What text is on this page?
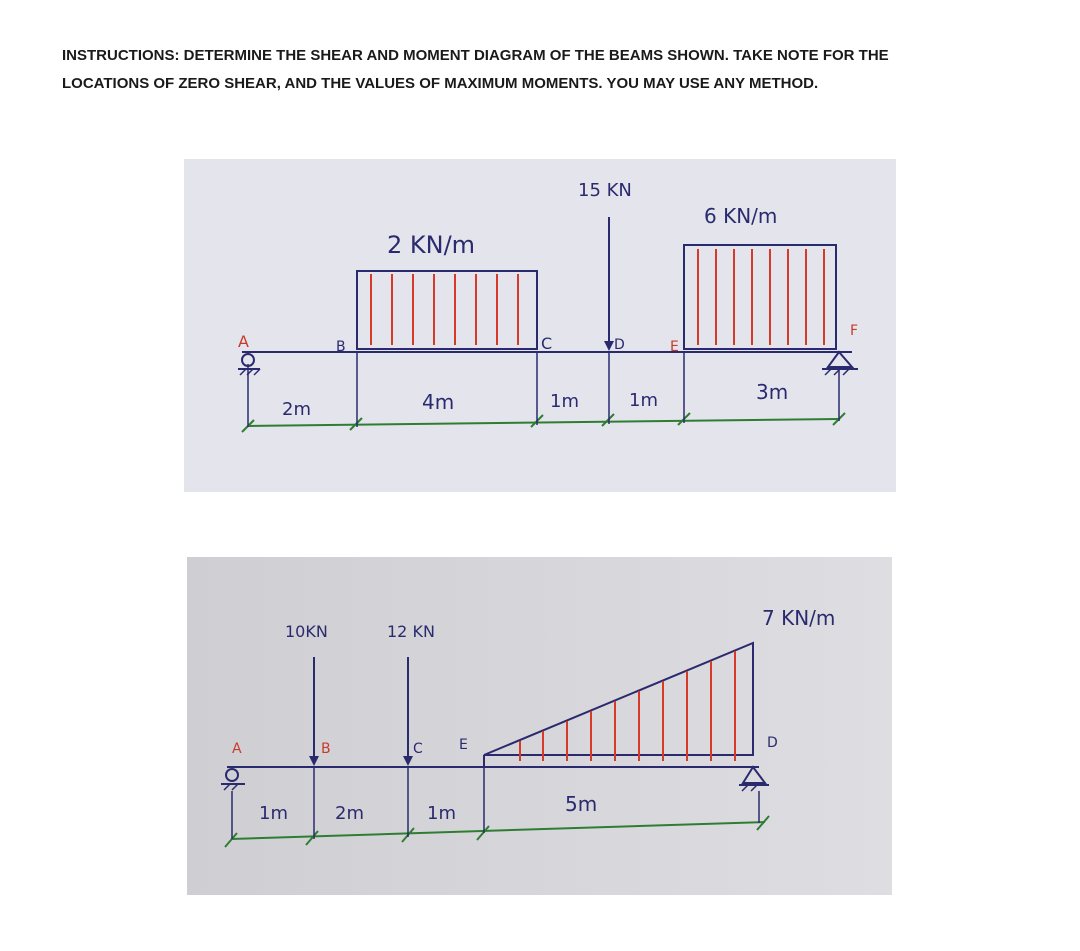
INSTRUCTIONS: DETERMINE THE SHEAR AND MOMENT DIAGRAM OF THE BEAMS SHOWN. TAKE NOTE FOR THE
LOCATIONS OF ZERO SHEAR, AND THE VALUES OF MAXIMUM MOMENTS. YOU MAY USE ANY METHOD.
2 KN/m
15 KN
6 KN/m
A	B	C	D	E
F
2m	4m	1m	1m	3m
10KN	12 KN
7 KN/m
A	B	C	E	D
1m	2m	1m	5m
